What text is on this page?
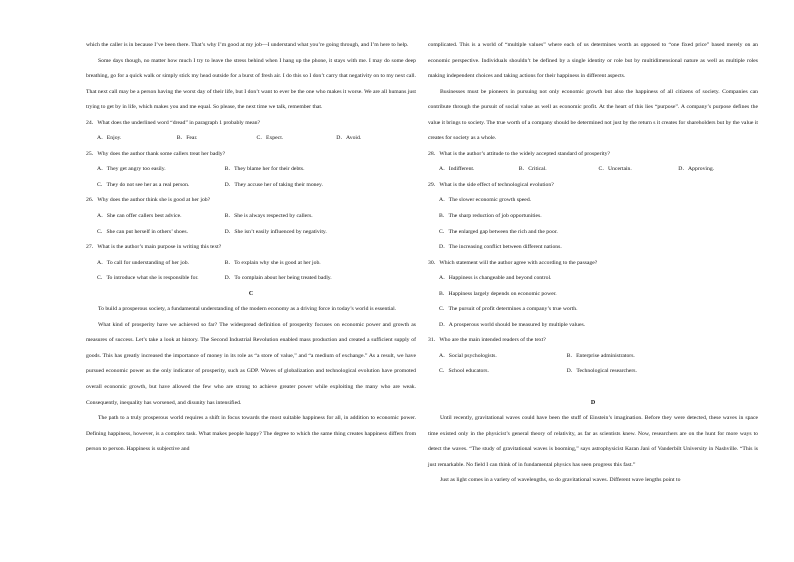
which the caller is in because I’ve been there. That’s why I’m good at my job—I understand what you’re going through, and I’m here to help.

Some days though, no matter how much I try to leave the stress behind when I hang up the phone, it stays with me. I may do some deep breathing, go for a quick walk or simply stick my head outside for a burst of fresh air. I do this so I don’t carry that negativity on to my next call. That next call may be a person having the worst day of their life, but I don’t want to ever be the one who makes it worse. We are all humans just trying to get by in life, which makes you and me equal. So please, the next time we talk, remember that.

24．What does the underlined word “dread” in paragraph 1 probably mean?

A．Enjoy.	B．Fear.	C．Expect.	D．Avoid.

25．Why does the author thank some callers treat her badly?

A．They get angry too easily.	B．They blame her for their debts.
C．They do not see her as a real person.	D．They accuse her of taking their money.

26．Why does the author think she is good at her job?

A．She can offer callers best advice.	B．She is always respected by callers.
C．She can put herself in others’ shoes.	D．She isn’t easily influenced by negativity.

27．What is the author’s main purpose in writing this text?

A．To call for understanding of her job.	B．To explain why she is good at her job.
C．To introduce what she is responsible for.	D．To complain about her being treated badly.

C

To build a prosperous society, a fundamental understanding of the modern economy as a driving force in today’s world is essential.

What kind of prosperity have we achieved so far? The widespread definition of prosperity focuses on economic power and growth as measures of success. Let’s take a look at history. The Second Industrial Revolution enabled mass production and created a sufficient supply of goods. This has greatly increased the importance of money in its role as “a store of value,” and “a medium of exchange.” As a result, we have pursued economic power as the only indicator of prosperity, such as GDP. Waves of globalization and technological evolution have promoted overall economic growth, but have allowed the few who are strong to achieve greater power while exploiting the many who are weak. Consequently, inequality has worsened, and disunity has intensified.

The path to a truly prosperous world requires a shift in focus towards the most suitable happiness for all, in addition to economic power. Defining happiness, however, is a complex task. What makes people happy? The degree to which the same thing creates happiness differs from person to person. Happiness is subjective and

complicated. This is a world of “multiple values” where each of us determines worth as opposed to “one fixed price” based merely on an economic perspective. Individuals shouldn’t be defined by a single identity or role but by multidimensional nature as well as multiple roles making independent choices and taking actions for their happiness in different aspects.

Businesses must be pioneers in pursuing not only economic growth but also the happiness of all citizens of society. Companies can contribute through the pursuit of social value as well as economic profit. At the heart of this lies “purpose”. A company’s purpose defines the value it brings to society. The true worth of a company should be determined not just by the return s it creates for shareholders but by the value it creates for society as a whole.

28．What is the author’s attitude to the widely accepted standard of prosperity?

A．Indifferent.	B．Critical.	C．Uncertain.	D．Approving.

29．What is the side effect of technological evolution?

A．The slower economic growth speed.

B．The sharp reduction of job opportunities.

C．The enlarged gap between the rich and the poor.

D．The increasing conflict between different nations.

30．Which statement will the author agree with according to the passage?

A．Happiness is changeable and beyond control.

B．Happiness largely depends on economic power.

C．The pursuit of profit determines a company’s true worth.

D．A prosperous world should be measured by multiple values.

31．Who are the main intended readers of the text?

A．Social psychologists.	B．Enterprise administrators.
C．School educators.	D．Technological researchers.

D

Until recently, gravitational waves could have been the stuff of Einstein’s imagination. Before they were detected, these waves in space time existed only in the physicist’s general theory of relativity, as far as scientists knew. Now, researchers are on the hunt for more ways to detect the waves. “The study of gravitational waves is booming,” says astrophysicist Karan Jani of Vanderbilt University in Nashville. “This is just remarkable. No field I can think of in fundamental physics has seen progress this fast.”

Just as light comes in a variety of wavelengths, so do gravitational waves. Different wave lengths point to
